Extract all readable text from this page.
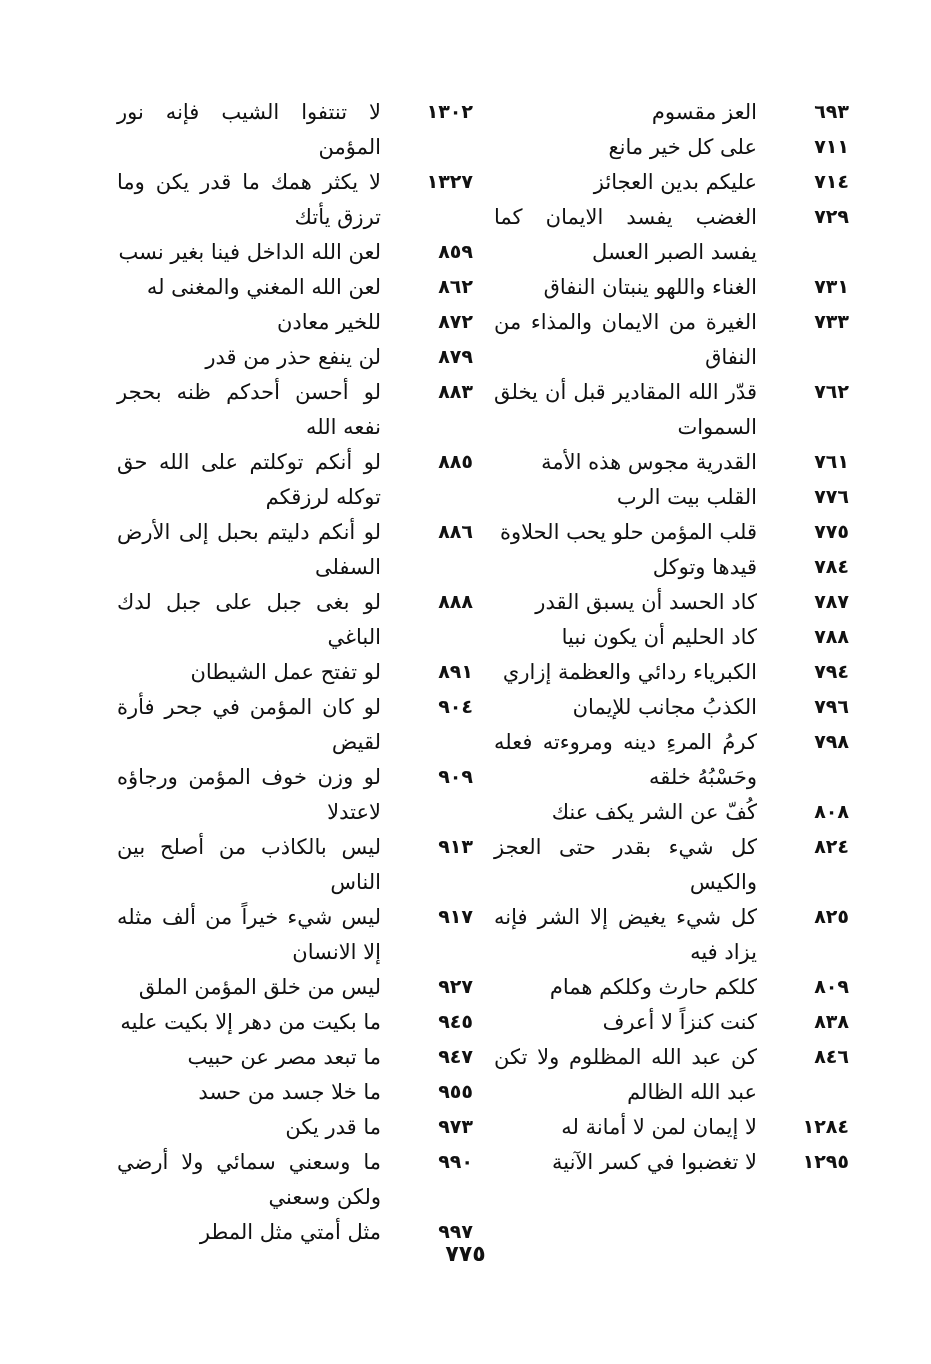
٦٩٣
العز مقسوم
٧١١
على كل خير مانع
٧١٤
عليكم بدين العجائز
٧٢٩
الغضب يفسد الايمان كما يفسد الصبر العسل
٧٣١
الغناء واللهو ينبتان النفاق
٧٣٣
الغيرة من الايمان والمذاء من النفاق
٧٦٢
قدّر الله المقادير قبل أن يخلق السموات
٧٦١
القدرية مجوس هذه الأمة
٧٧٦
القلب بيت الرب
٧٧٥
قلب المؤمن حلو يحب الحلاوة
٧٨٤
قيدها وتوكل
٧٨٧
كاد الحسد أن يسبق القدر
٧٨٨
كاد الحليم أن يكون نبيا
٧٩٤
الكبرياء ردائي والعظمة إزاري
٧٩٦
الكذبُ مجانب للإيمان
٧٩٨
كرمُ المرءِ دينه ومروءته فعله وحَسْبُهُ خلقه
٨٠٨
كُفّ عن الشر يكف عنك
٨٢٤
كل شيء بقدر حتى العجز والكيس
٨٢٥
كل شيء يغيض إلا الشر فإنه يزاد فيه
٨٠٩
كلكم حارث وكلكم همام
٨٣٨
كنت كنزاً لا أعرف
٨٤٦
كن عبد الله المظلوم ولا تكن عبد الله الظالم
١٢٨٤
لا إيمان لمن لا أمانة له
١٢٩٥
لا تغضبوا في كسر الآنية
١٣٠٢
لا تنتفوا الشيب فإنه نور المؤمن
١٣٢٧
لا يكثر همك ما قدر يكن وما ترزق يأتك
٨٥٩
لعن الله الداخل فينا بغير نسب
٨٦٢
لعن الله المغني والمغنى له
٨٧٢
للخير معادن
٨٧٩
لن ينفع حذر من قدر
٨٨٣
لو أحسن أحدكم ظنه بحجر نفعه الله
٨٨٥
لو أنكم توكلتم على الله حق توكله لرزقكم
٨٨٦
لو أنكم دليتم بحبل إلى الأرض السفلى
٨٨٨
لو بغى جبل على جبل لدك الباغي
٨٩١
لو تفتح عمل الشيطان
٩٠٤
لو كان المؤمن في جحر فأرة لقيض
٩٠٩
لو وزن خوف المؤمن ورجاؤه لاعتدلا
٩١٣
ليس بالكاذب من أصلح بين الناس
٩١٧
ليس شيء خيراً من ألف مثله إلا الانسان
٩٢٧
ليس من خلق المؤمن الملق
٩٤٥
ما بكيت من دهر إلا بكيت عليه
٩٤٧
ما تبعد مصر عن حبيب
٩٥٥
ما خلا جسد من حسد
٩٧٣
ما قدر يكن
٩٩٠
ما وسعني سمائي ولا أرضي ولكن وسعني
٩٩٧
مثل أمتي مثل المطر
٧٧٥
